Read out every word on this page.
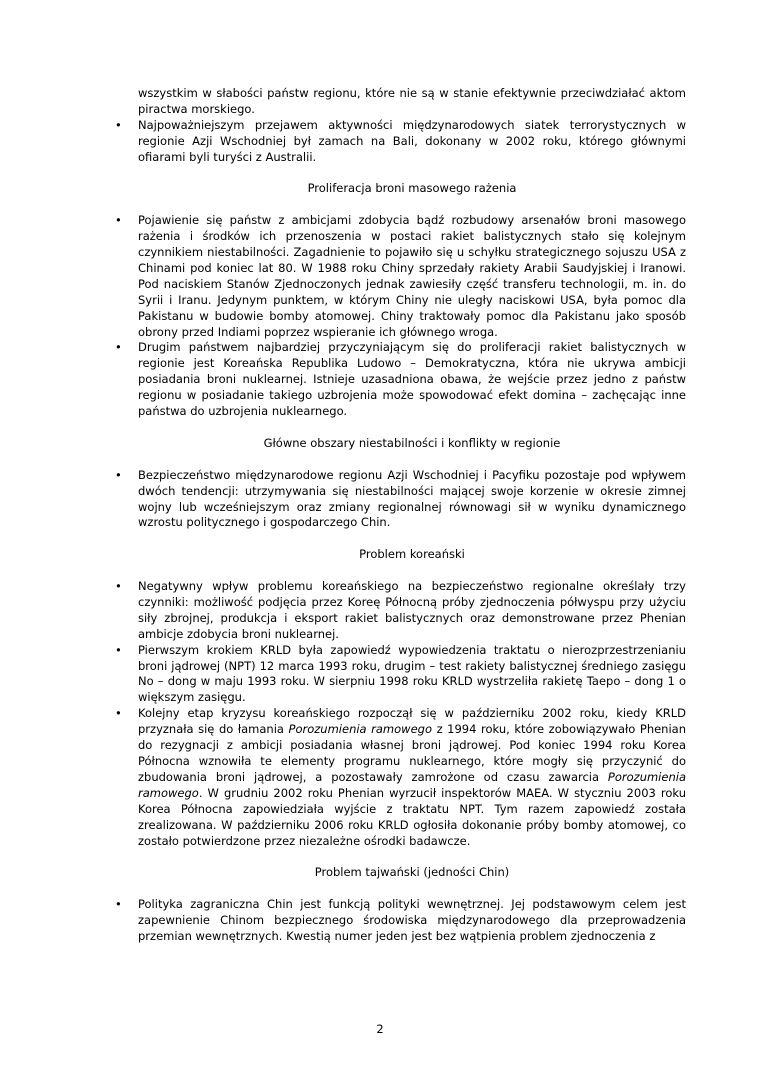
wszystkim w słabości państw regionu, które nie są w stanie efektywnie przeciwdziałać aktom piractwa morskiego.
• Najpoważniejszym przejawem aktywności międzynarodowych siatek terrorystycznych w regionie Azji Wschodniej był zamach na Bali, dokonany w 2002 roku, którego głównymi ofiarami byli turyści z Australii.
Proliferacja broni masowego rażenia
• Pojawienie się państw z ambicjami zdobycia bądź rozbudowy arsenałów broni masowego rażenia i środków ich przenoszenia w postaci rakiet balistycznych stało się kolejnym czynnikiem niestabilności. Zagadnienie to pojawiło się u schyłku strategicznego sojuszu USA z Chinami pod koniec lat 80. W 1988 roku Chiny sprzedały rakiety Arabii Saudyjskiej i Iranowi. Pod naciskiem Stanów Zjednoczonych jednak zawiesiły część transferu technologii, m. in. do Syrii i Iranu. Jedynym punktem, w którym Chiny nie uległy naciskowi USA, była pomoc dla Pakistanu w budowie bomby atomowej. Chiny traktowały pomoc dla Pakistanu jako sposób obrony przed Indiami poprzez wspieranie ich głównego wroga.
• Drugim państwem najbardziej przyczyniającym się do proliferacji rakiet balistycznych w regionie jest Koreańska Republika Ludowo – Demokratyczna, która nie ukrywa ambicji posiadania broni nuklearnej. Istnieje uzasadniona obawa, że wejście przez jedno z państw regionu w posiadanie takiego uzbrojenia może spowodować efekt domina – zachęcając inne państwa do uzbrojenia nuklearnego.
Główne obszary niestabilności i konflikty w regionie
• Bezpieczeństwo międzynarodowe regionu Azji Wschodniej i Pacyfiku pozostaje pod wpływem dwóch tendencji: utrzymywania się niestabilności mającej swoje korzenie w okresie zimnej wojny lub wcześniejszym oraz zmiany regionalnej równowagi sił w wyniku dynamicznego wzrostu politycznego i gospodarczego Chin.
Problem koreański
• Negatywny wpływ problemu koreańskiego na bezpieczeństwo regionalne określały trzy czynniki: możliwość podjęcia przez Koreę Północną próby zjednoczenia półwyspu przy użyciu siły zbrojnej, produkcja i eksport rakiet balistycznych oraz demonstrowane przez Phenian ambicje zdobycia broni nuklearnej.
• Pierwszym krokiem KRLD była zapowiedź wypowiedzenia traktatu o nierozprzestrzenianiu broni jądrowej (NPT) 12 marca 1993 roku, drugim – test rakiety balistycznej średniego zasięgu No – dong w maju 1993 roku. W sierpniu 1998 roku KRLD wystrzeliła rakietę Taepo – dong 1 o większym zasięgu.
• Kolejny etap kryzysu koreańskiego rozpoczął się w październiku 2002 roku, kiedy KRLD przyznała się do łamania Porozumienia ramowego z 1994 roku, które zobowiązywało Phenian do rezygnacji z ambicji posiadania własnej broni jądrowej. Pod koniec 1994 roku Korea Północna wznowiła te elementy programu nuklearnego, które mogły się przyczynić do zbudowania broni jądrowej, a pozostawały zamrożone od czasu zawarcia Porozumienia ramowego. W grudniu 2002 roku Phenian wyrzucił inspektorów MAEA. W styczniu 2003 roku Korea Północna zapowiedziała wyjście z traktatu NPT. Tym razem zapowiedź została zrealizowana. W październiku 2006 roku KRLD ogłosiła dokonanie próby bomby atomowej, co zostało potwierdzone przez niezależne ośrodki badawcze.
Problem tajwański (jedności Chin)
• Polityka zagraniczna Chin jest funkcją polityki wewnętrznej. Jej podstawowym celem jest zapewnienie Chinom bezpiecznego środowiska międzynarodowego dla przeprowadzenia przemian wewnętrznych. Kwestią numer jeden jest bez wątpienia problem zjednoczenia z
2
